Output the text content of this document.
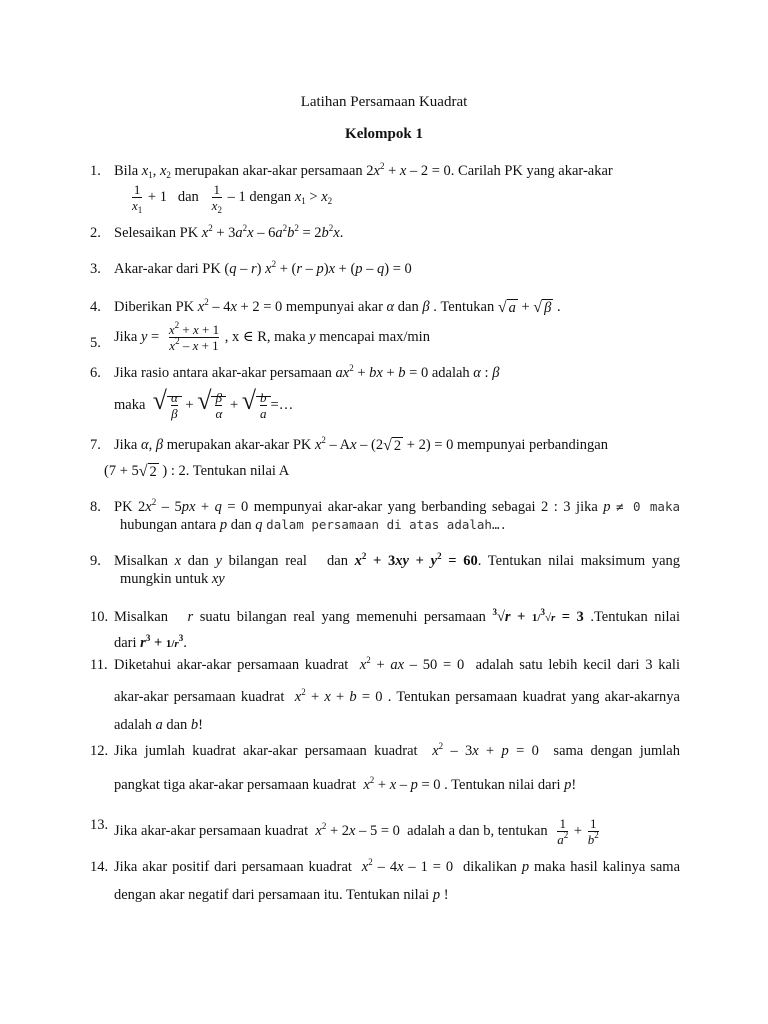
Latihan Persamaan Kuadrat
Kelompok 1
1. Bila $x_1$, $x_2$ merupakan akar-akar persamaan $2x^2 + x - 2 = 0$. Carilah PK yang akar-akar
$\frac{1}{x_1} + 1$   dan $\frac{1}{x_2} - 1$ dengan $x_1 > x_2$
2. Selesaikan PK $x^2 + 3a^2x - 6a^2b^2 = 2b^2x$.
3. Akar-akar dari PK (q – r) $x^2 + (r - p)x + (p - q) = 0$
4. Diberikan PK $x^2 - 4x + 2 = 0$ mempunyai akar α dan β . Tentukan √ a + √ β .
5. Jika $y = \frac{x^2 + x + 1}{x^2 - x + 1}$ , x ∈ R, maka y mencapai max/min
6. Jika rasio antara akar-akar persamaan $ax^2$ + bx + b = 0 adalah α : β
maka √ $\frac{\alpha}{\beta}$ + √ $\frac{\beta}{\alpha}$ + √ $\frac{b}{a}$ =…
7. Jika α, β merupakan akar-akar PK $x^2$ – Ax – (2√ 2 + 2) = 0 mempunyai perbandingan
(7 + 5√ 2 ) : 2. Tentukan nilai A
8. PK $2x^2 - 5px + q = 0$ mempunyai akar-akar yang berbanding sebagai 2 : 3 jika p ≠ 0 maka
hubungan antara p dan q dalam persamaan di atas adalah….
9. Misalkan x dan y bilangan real   dan $x^2 + 3xy + y^2 = 60$. Tentukan nilai maksimum yang
mungkin untuk xy
10. Misalkan   r suatu bilangan real yang memenuhi persamaan $^3$√r + 1/$^3$√r = 3 .Tentukan nilai
dari $r^3 + 1/r^3$.
11. Diketahui akar-akar persamaan kuadrat  $x^2$ + ax – 50 = 0  adalah satu lebih kecil dari 3 kali
akar-akar persamaan kuadrat  $x^2 + x + b = 0$ . Tentukan persamaan kuadrat yang akar-akarnya
adalah a dan b!
12. Jika jumlah kuadrat akar-akar persamaan kuadrat  $x^2 - 3x + p = 0$  sama dengan jumlah
pangkat tiga akar-akar persamaan kuadrat  $x^2 + x - p = 0$ . Tentukan nilai dari p!
13. Jika akar-akar persamaan kuadrat  $x^2 + 2x - 5 = 0$  adalah a dan b, tentukan $\frac{1}{a^2} + \frac{1}{b^2}$
14. Jika akar positif dari persamaan kuadrat  $x^2 - 4x - 1 = 0$  dikalikan p maka hasil kalinya sama
dengan akar negatif dari persamaan itu. Tentukan nilai p !
